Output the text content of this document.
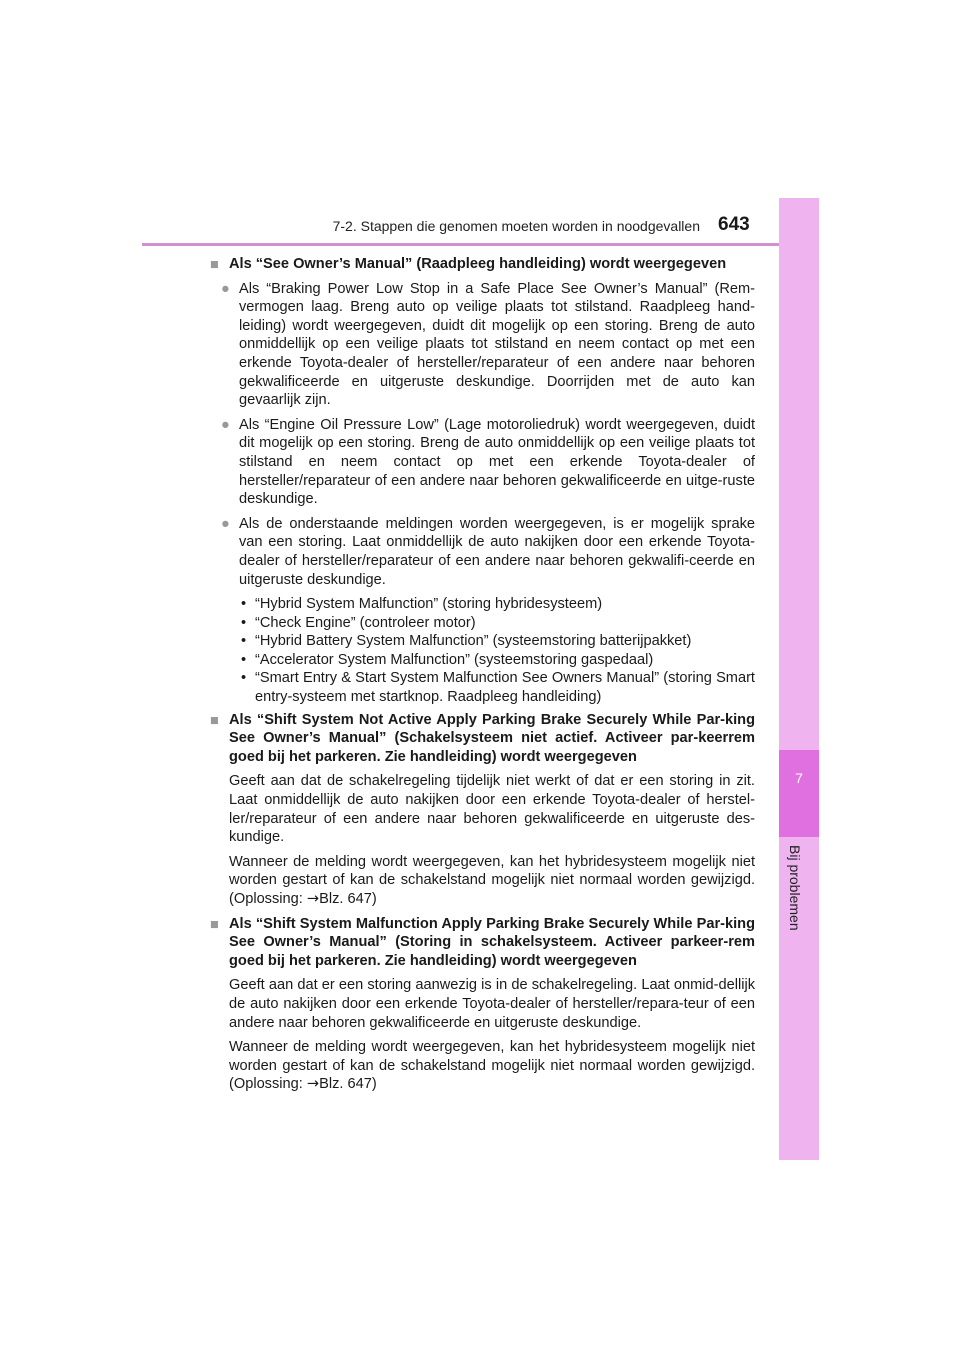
7-2. Stappen die genomen moeten worden in noodgevallen 643
7
Bij problemen
■ Als “See Owner’s Manual” (Raadpleeg handleiding) wordt weergegeven
● Als “Braking Power Low Stop in a Safe Place See Owner’s Manual” (Rem-vermogen laag. Breng auto op veilige plaats tot stilstand. Raadpleeg hand-leiding) wordt weergegeven, duidt dit mogelijk op een storing. Breng de auto onmiddellijk op een veilige plaats tot stilstand en neem contact op met een erkende Toyota-dealer of hersteller/reparateur of een andere naar behoren gekwalificeerde en uitgeruste deskundige. Doorrijden met de auto kan gevaarlijk zijn.
● Als “Engine Oil Pressure Low” (Lage motoroliedruk) wordt weergegeven, duidt dit mogelijk op een storing. Breng de auto onmiddellijk op een veilige plaats tot stilstand en neem contact op met een erkende Toyota-dealer of hersteller/reparateur of een andere naar behoren gekwalificeerde en uitge-ruste deskundige.
● Als de onderstaande meldingen worden weergegeven, is er mogelijk sprake van een storing. Laat onmiddellijk de auto nakijken door een erkende Toyota-dealer of hersteller/reparateur of een andere naar behoren gekwalifi-ceerde en uitgeruste deskundige.
• “Hybrid System Malfunction” (storing hybridesysteem)
• “Check Engine” (controleer motor)
• “Hybrid Battery System Malfunction” (systeemstoring batterijpakket)
• “Accelerator System Malfunction” (systeemstoring gaspedaal)
• “Smart Entry & Start System Malfunction See Owners Manual” (storing Smart entry-systeem met startknop. Raadpleeg handleiding)
■ Als “Shift System Not Active Apply Parking Brake Securely While Par-king See Owner’s Manual” (Schakelsysteem niet actief. Activeer par-keerrem goed bij het parkeren. Zie handleiding) wordt weergegeven
Geeft aan dat de schakelregeling tijdelijk niet werkt of dat er een storing in zit. Laat onmiddellijk de auto nakijken door een erkende Toyota-dealer of herstel-ler/reparateur of een andere naar behoren gekwalificeerde en uitgeruste des-kundige.
Wanneer de melding wordt weergegeven, kan het hybridesysteem mogelijk niet worden gestart of kan de schakelstand mogelijk niet normaal worden gewijzigd. (Oplossing: →Blz. 647)
■ Als “Shift System Malfunction Apply Parking Brake Securely While Par-king See Owner’s Manual” (Storing in schakelsysteem. Activeer parkeer-rem goed bij het parkeren. Zie handleiding) wordt weergegeven
Geeft aan dat er een storing aanwezig is in de schakelregeling. Laat onmid-dellijk de auto nakijken door een erkende Toyota-dealer of hersteller/repara-teur of een andere naar behoren gekwalificeerde en uitgeruste deskundige.
Wanneer de melding wordt weergegeven, kan het hybridesysteem mogelijk niet worden gestart of kan de schakelstand mogelijk niet normaal worden gewijzigd. (Oplossing: →Blz. 647)
